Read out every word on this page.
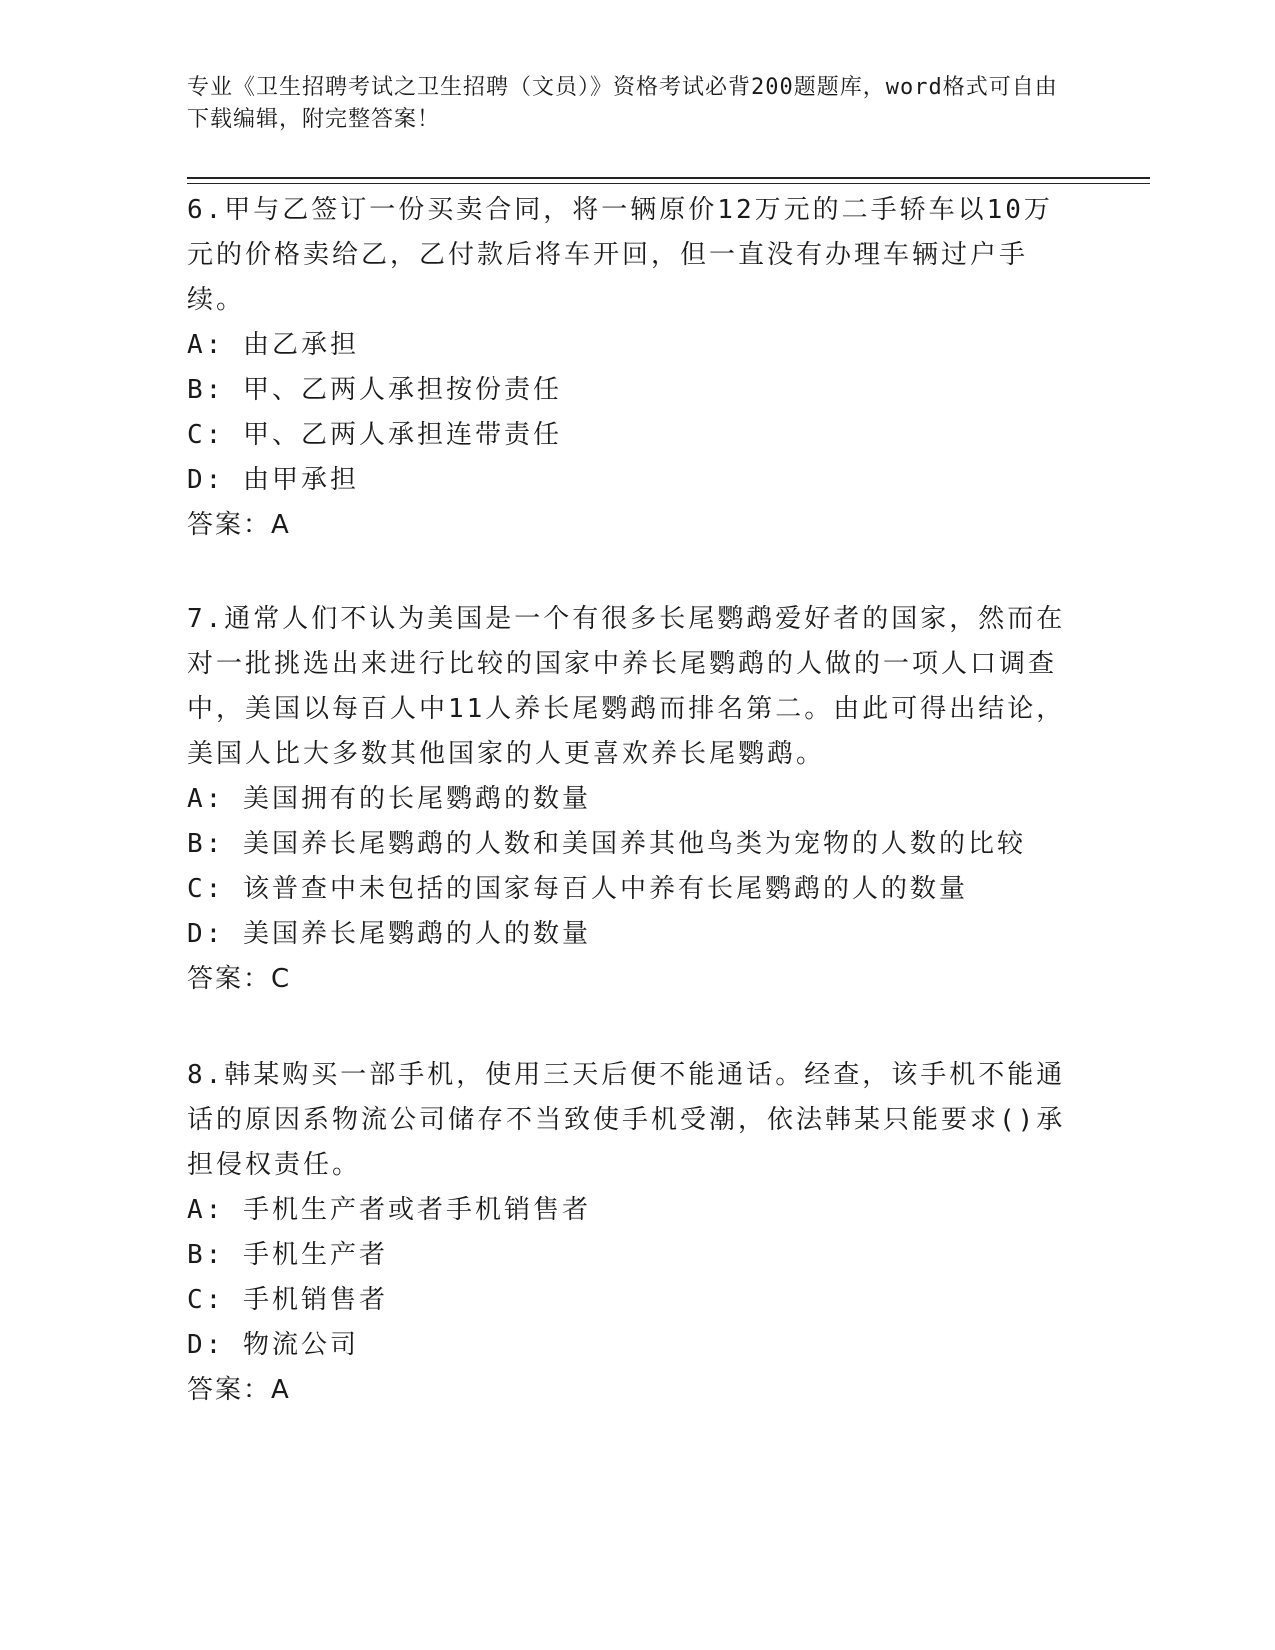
专业《卫生招聘考试之卫生招聘（文员）》资格考试必背200题题库，word格式可自由下载编辑，附完整答案！

6.甲与乙签订一份买卖合同，将一辆原价12万元的二手轿车以10万元的价格卖给乙，乙付款后将车开回，但一直没有办理车辆过户手续。

A: 由乙承担

B: 甲、乙两人承担按份责任

C: 甲、乙两人承担连带责任

D: 由甲承担

答案：A

7.通常人们不认为美国是一个有很多长尾鹦鹉爱好者的国家，然而在对一批挑选出来进行比较的国家中养长尾鹦鹉的人做的一项人口调查中，美国以每百人中11人养长尾鹦鹉而排名第二。由此可得出结论，美国人比大多数其他国家的人更喜欢养长尾鹦鹉。

A: 美国拥有的长尾鹦鹉的数量

B: 美国养长尾鹦鹉的人数和美国养其他鸟类为宠物的人数的比较

C: 该普查中未包括的国家每百人中养有长尾鹦鹉的人的数量

D: 美国养长尾鹦鹉的人的数量

答案：C

8.韩某购买一部手机，使用三天后便不能通话。经查，该手机不能通话的原因系物流公司储存不当致使手机受潮，依法韩某只能要求()承担侵权责任。

A: 手机生产者或者手机销售者

B: 手机生产者

C: 手机销售者

D: 物流公司

答案：A
